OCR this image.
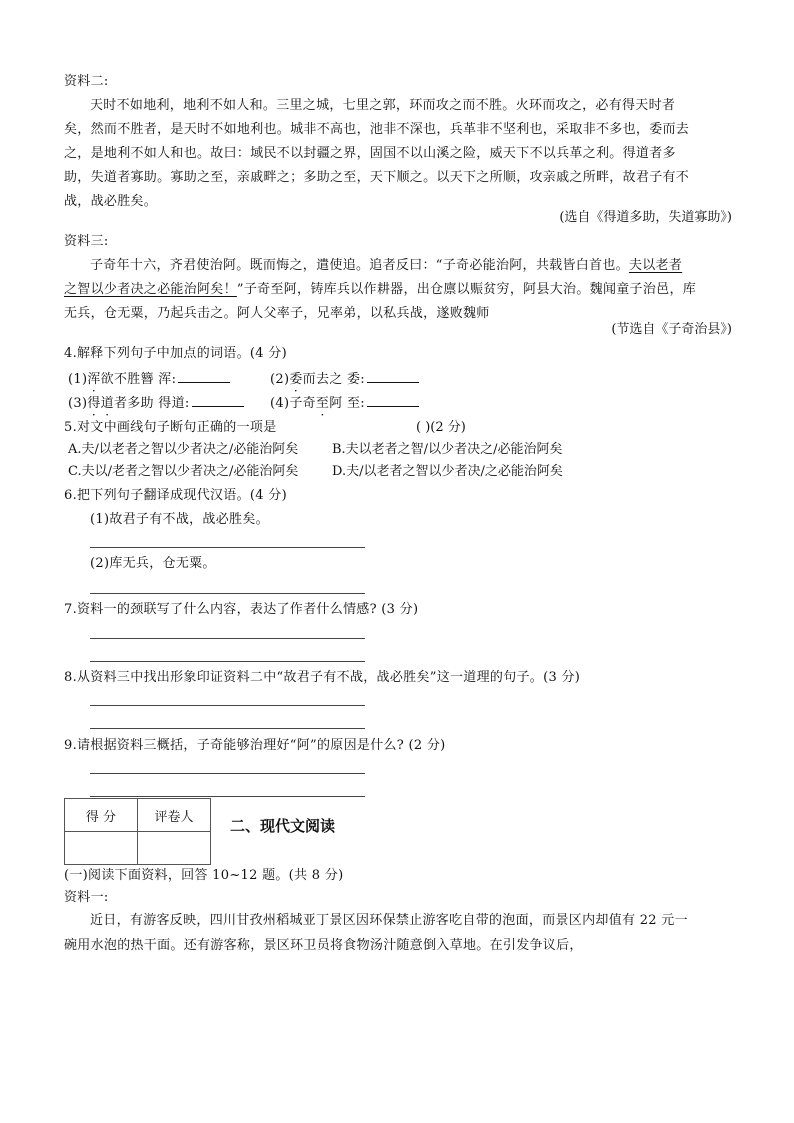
资料二:
天时不如地利，地利不如人和。三里之城，七里之郭，环而攻之而不胜。火环而攻之，必有得天时者
矣，然而不胜者，是天时不如地利也。城非不高也，池非不深也，兵革非不坚利也，采取非不多也，委而去
之，是地利不如人和也。故曰：域民不以封疆之界，固国不以山溪之险，威天下不以兵革之利。得道者多
助，失道者寡助。寡助之至，亲戚畔之；多助之至，天下顺之。以天下之所顺，攻亲戚之所畔，故君子有不
战，战必胜矣。
(选自《得道多助，失道寡助》)
资料三:
子奇年十六，齐君使治阿。既而悔之，遣使追。追者反曰：“子奇必能治阿，共载皆白首也。夫以老者
之智以少者决之必能治阿矣！”子奇至阿，铸库兵以作耕器，出仓廪以赈贫穷，阿县大治。魏闻童子治邑，库
无兵，仓无粟，乃起兵击之。阿人父率子，兄率弟，以私兵战，遂败魏师
(节选自《子奇治县》)
4.解释下列句子中加点的词语。(4 分)
(1)浑欲不胜簪 浑:	(2)委而去之 委:
(3)得道者多助 得道:	(4)子奇至阿 至:
5.对文中画线句子断句正确的一项是	( )(2 分)
A.夫/以老者之智以少者决之/必能治阿矣	B.夫以老者之智/以少者决之/必能治阿矣
C.夫以/老者之智以少者决之/必能治阿矣	D.夫/以老者之智以少者决/之必能治阿矣
6.把下列句子翻译成现代汉语。(4 分)
(1)故君子有不战，战必胜矣。
(2)库无兵，仓无粟。
7.资料一的颈联写了什么内容，表达了作者什么情感? (3 分)
8.从资料三中找出形象印证资料二中“故君子有不战，战必胜矣”这一道理的句子。(3 分)
9.请根据资料三概括，子奇能够治理好“阿”的原因是什么? (2 分)
得 分	评卷人
	二、现代文阅读
(一)阅读下面资料，回答 10~12 题。(共 8 分)
资料一:
近日，有游客反映，四川甘孜州稻城亚丁景区因环保禁止游客吃自带的泡面，而景区内却值有 22 元一
碗用水泡的热干面。还有游客称，景区环卫员将食物汤汁随意倒入草地。在引发争议后，
